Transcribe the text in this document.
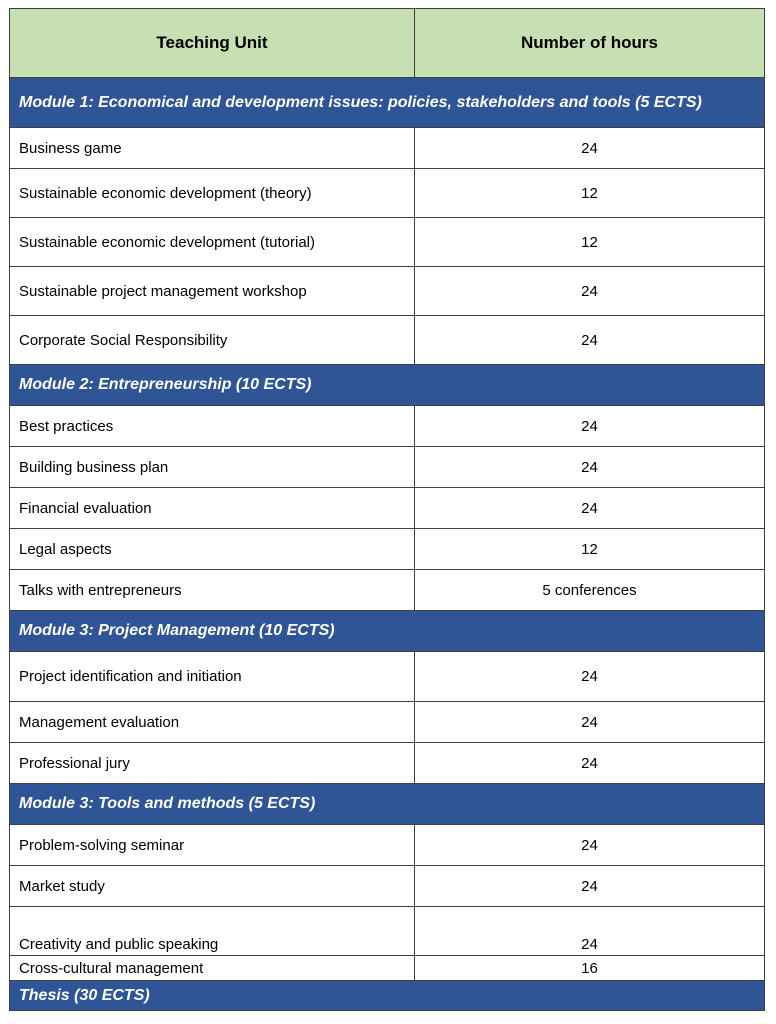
Teaching Unit	Number of hours
Module 1: Economical and development issues: policies, stakeholders and tools (5 ECTS)	
Business game	24
Sustainable economic development (theory)	12
Sustainable economic development (tutorial)	12
Sustainable project management workshop	24
Corporate Social Responsibility	24
Module 2: Entrepreneurship (10 ECTS)	
Best practices	24
Building business plan	24
Financial evaluation	24
Legal aspects	12
Talks with entrepreneurs	5 conferences
Module 3: Project Management (10 ECTS)	
Project identification and initiation	24
Management evaluation	24
Professional jury	24
Module 3: Tools and methods (5 ECTS)	
Problem-solving seminar	24
Market study	24
Creativity and public speaking	24
Cross-cultural management	16
Thesis (30 ECTS)	
